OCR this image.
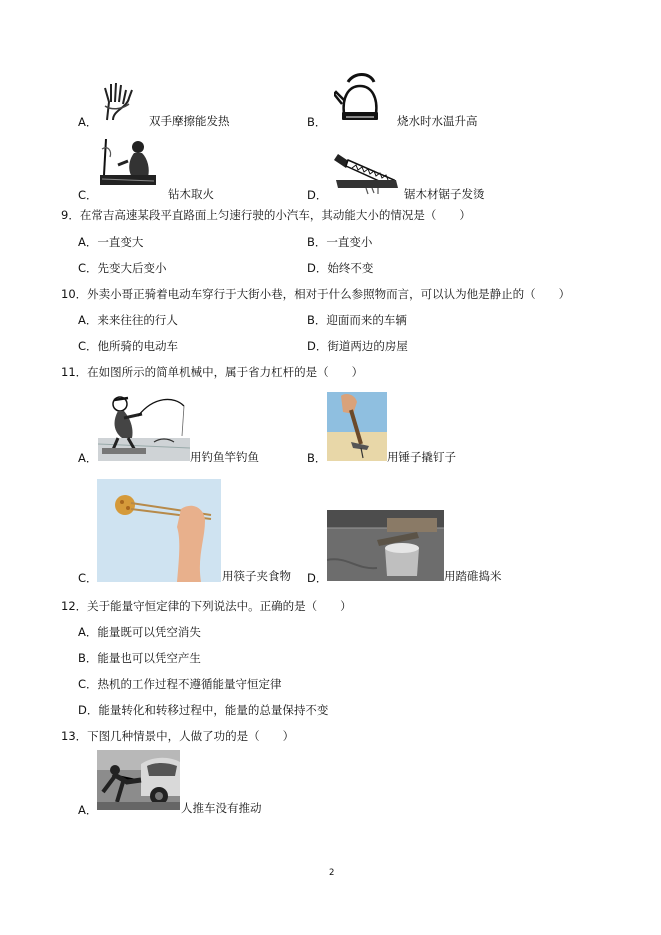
A．	双手摩擦能发热	B．	烧水时水温升高
C．	钻木取火	D．	锯木材锯子发烫
9．在常吉高速某段平直路面上匀速行驶的小汽车，其动能大小的情况是（　　）
A．一直变大	B．一直变小
C．先变大后变小	D．始终不变
10．外卖小哥正骑着电动车穿行于大街小巷，相对于什么参照物而言，可以认为他是静止的（　　）
A．来来往往的行人	B．迎面而来的车辆
C．他所骑的电动车	D．街道两边的房屋
11．在如图所示的简单机械中，属于省力杠杆的是（　　）
A．	用钓鱼竿钓鱼	B．	用锤子撬钉子
C．	用筷子夹食物 D．	用踏碓捣米
12．关于能量守恒定律的下列说法中。正确的是（　　）
A．能量既可以凭空消失
B．能量也可以凭空产生
C．热机的工作过程不遵循能量守恒定律
D．能量转化和转移过程中，能量的总量保持不变
13．下图几种情景中，人做了功的是（　　）
A．	人推车没有推动
2
